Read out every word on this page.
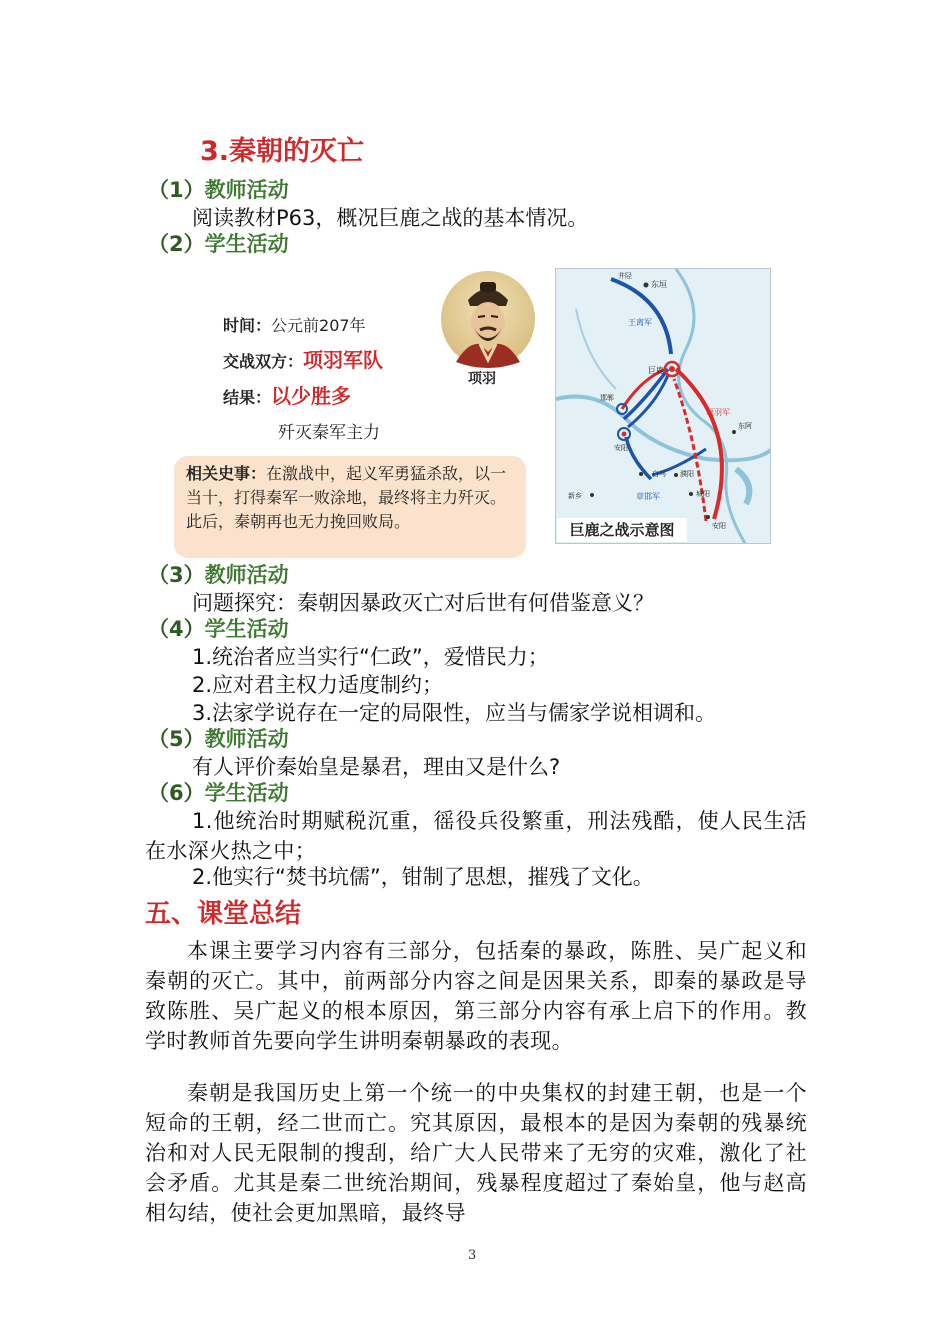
3.秦朝的灭亡
（1）教师活动
阅读教材P63，概况巨鹿之战的基本情况。
（2）学生活动
时间：公元前207年
交战双方：项羽军队
结果：以少胜多
歼灭秦军主力
项羽
相关史事：在激战中，起义军勇猛杀敌，以一当十，打得秦军一败涂地，最终将主力歼灭。此后，秦朝再也无力挽回败局。
井陉
东垣
王离军
巨鹿
邯郸
项羽军
章邯军
东阿
安阳
城阳
白马 濮阳
新乡
安阳
巨鹿之战示意图
（3）教师活动
问题探究：秦朝因暴政灭亡对后世有何借鉴意义？
（4）学生活动
1.统治者应当实行“仁政”，爱惜民力；
2.应对君主权力适度制约；
3.法家学说存在一定的局限性，应当与儒家学说相调和。
（5）教师活动
有人评价秦始皇是暴君，理由又是什么?
（6）学生活动
1.他统治时期赋税沉重，徭役兵役繁重，刑法残酷，使人民生活在水深火热之中；
2.他实行“焚书坑儒”，钳制了思想，摧残了文化。
五、课堂总结
本课主要学习内容有三部分，包括秦的暴政，陈胜、吴广起义和秦朝的灭亡。其中，前两部分内容之间是因果关系，即秦的暴政是导致陈胜、吴广起义的根本原因，第三部分内容有承上启下的作用。教学时教师首先要向学生讲明秦朝暴政的表现。
秦朝是我国历史上第一个统一的中央集权的封建王朝，也是一个短命的王朝，经二世而亡。究其原因，最根本的是因为秦朝的残暴统治和对人民无限制的搜刮，给广大人民带来了无穷的灾难，激化了社会矛盾。尤其是秦二世统治期间，残暴程度超过了秦始皇，他与赵高相勾结，使社会更加黑暗，最终导
3
